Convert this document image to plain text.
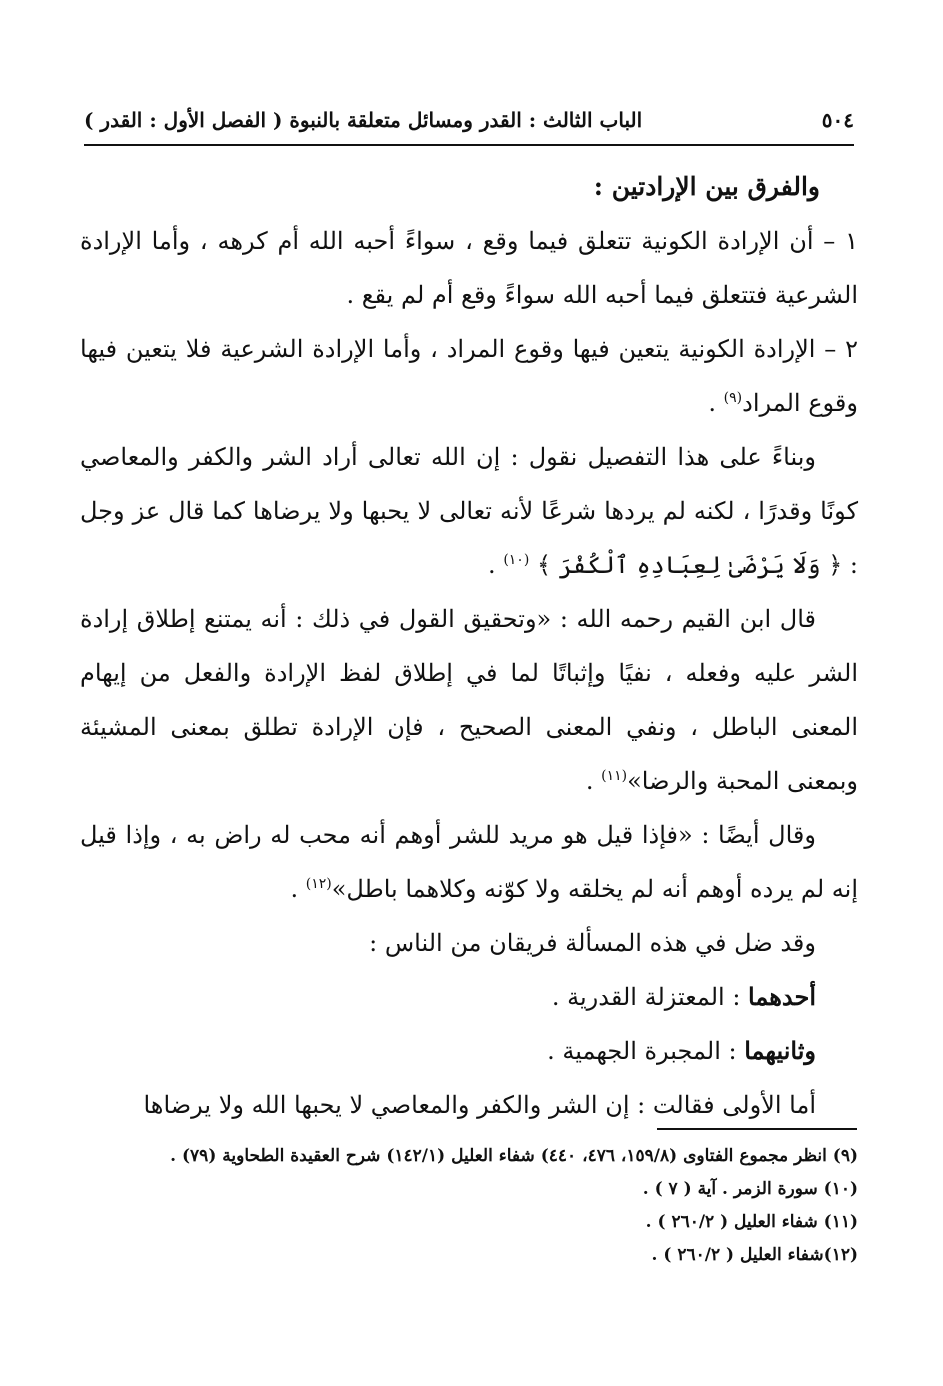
٥٠٤
الباب الثالث : القدر ومسائل متعلقة بالنبوة ( الفصل الأول : القدر )

والفرق بين الإرادتين :

١ – أن الإرادة الكونية تتعلق فيما وقع ، سواءً أحبه الله أم كرهه ، وأما الإرادة الشرعية فتتعلق فيما أحبه الله سواءً وقع أم لم يقع .

٢ – الإرادة الكونية يتعين فيها وقوع المراد ، وأما الإرادة الشرعية فلا يتعين فيها وقوع المراد$^{(٩)}$ .

وبناءً على هذا التفصيل نقول : إن الله تعالى أراد الشر والكفر والمعاصي كونًا وقدرًا ، لكنه لم يردها شرعًا لأنه تعالى لا يحبها ولا يرضاها كما قال عز وجل : ﴿ وَلَا يَرْضَىٰ لِعِبَادِهِ ٱلْكُفْرَ ﴾ $^{(١٠)}$ .

قال ابن القيم رحمه الله : «وتحقيق القول في ذلك : أنه يمتنع إطلاق إرادة الشر عليه وفعله ، نفيًا وإثباتًا لما في إطلاق لفظ الإرادة والفعل من إيهام المعنى الباطل ، ونفي المعنى الصحيح ، فإن الإرادة تطلق بمعنى المشيئة وبمعنى المحبة والرضا»$^{(١١)}$ .

وقال أيضًا : «فإذا قيل هو مريد للشر أوهم أنه محب له راض به ، وإذا قيل إنه لم يرده أوهم أنه لم يخلقه ولا كوّنه وكلاهما باطل»$^{(١٢)}$ .

وقد ضل في هذه المسألة فريقان من الناس :

أحدهما : المعتزلة القدرية .

وثانيهما : المجبرة الجهمية .

أما الأولى فقالت : إن الشر والكفر والمعاصي لا يحبها الله ولا يرضاها

(٩) انظر مجموع الفتاوى (١٥٩/٨، ٤٧٦، ٤٤٠) شفاء العليل (١٤٢/١) شرح العقيدة الطحاوية (٧٩) .
(١٠) سورة الزمر . آية ( ٧ ) .
(١١) شفاء العليل ( ٢٦٠/٢ ) .
(١٢)شفاء العليل ( ٢٦٠/٢ ) .
